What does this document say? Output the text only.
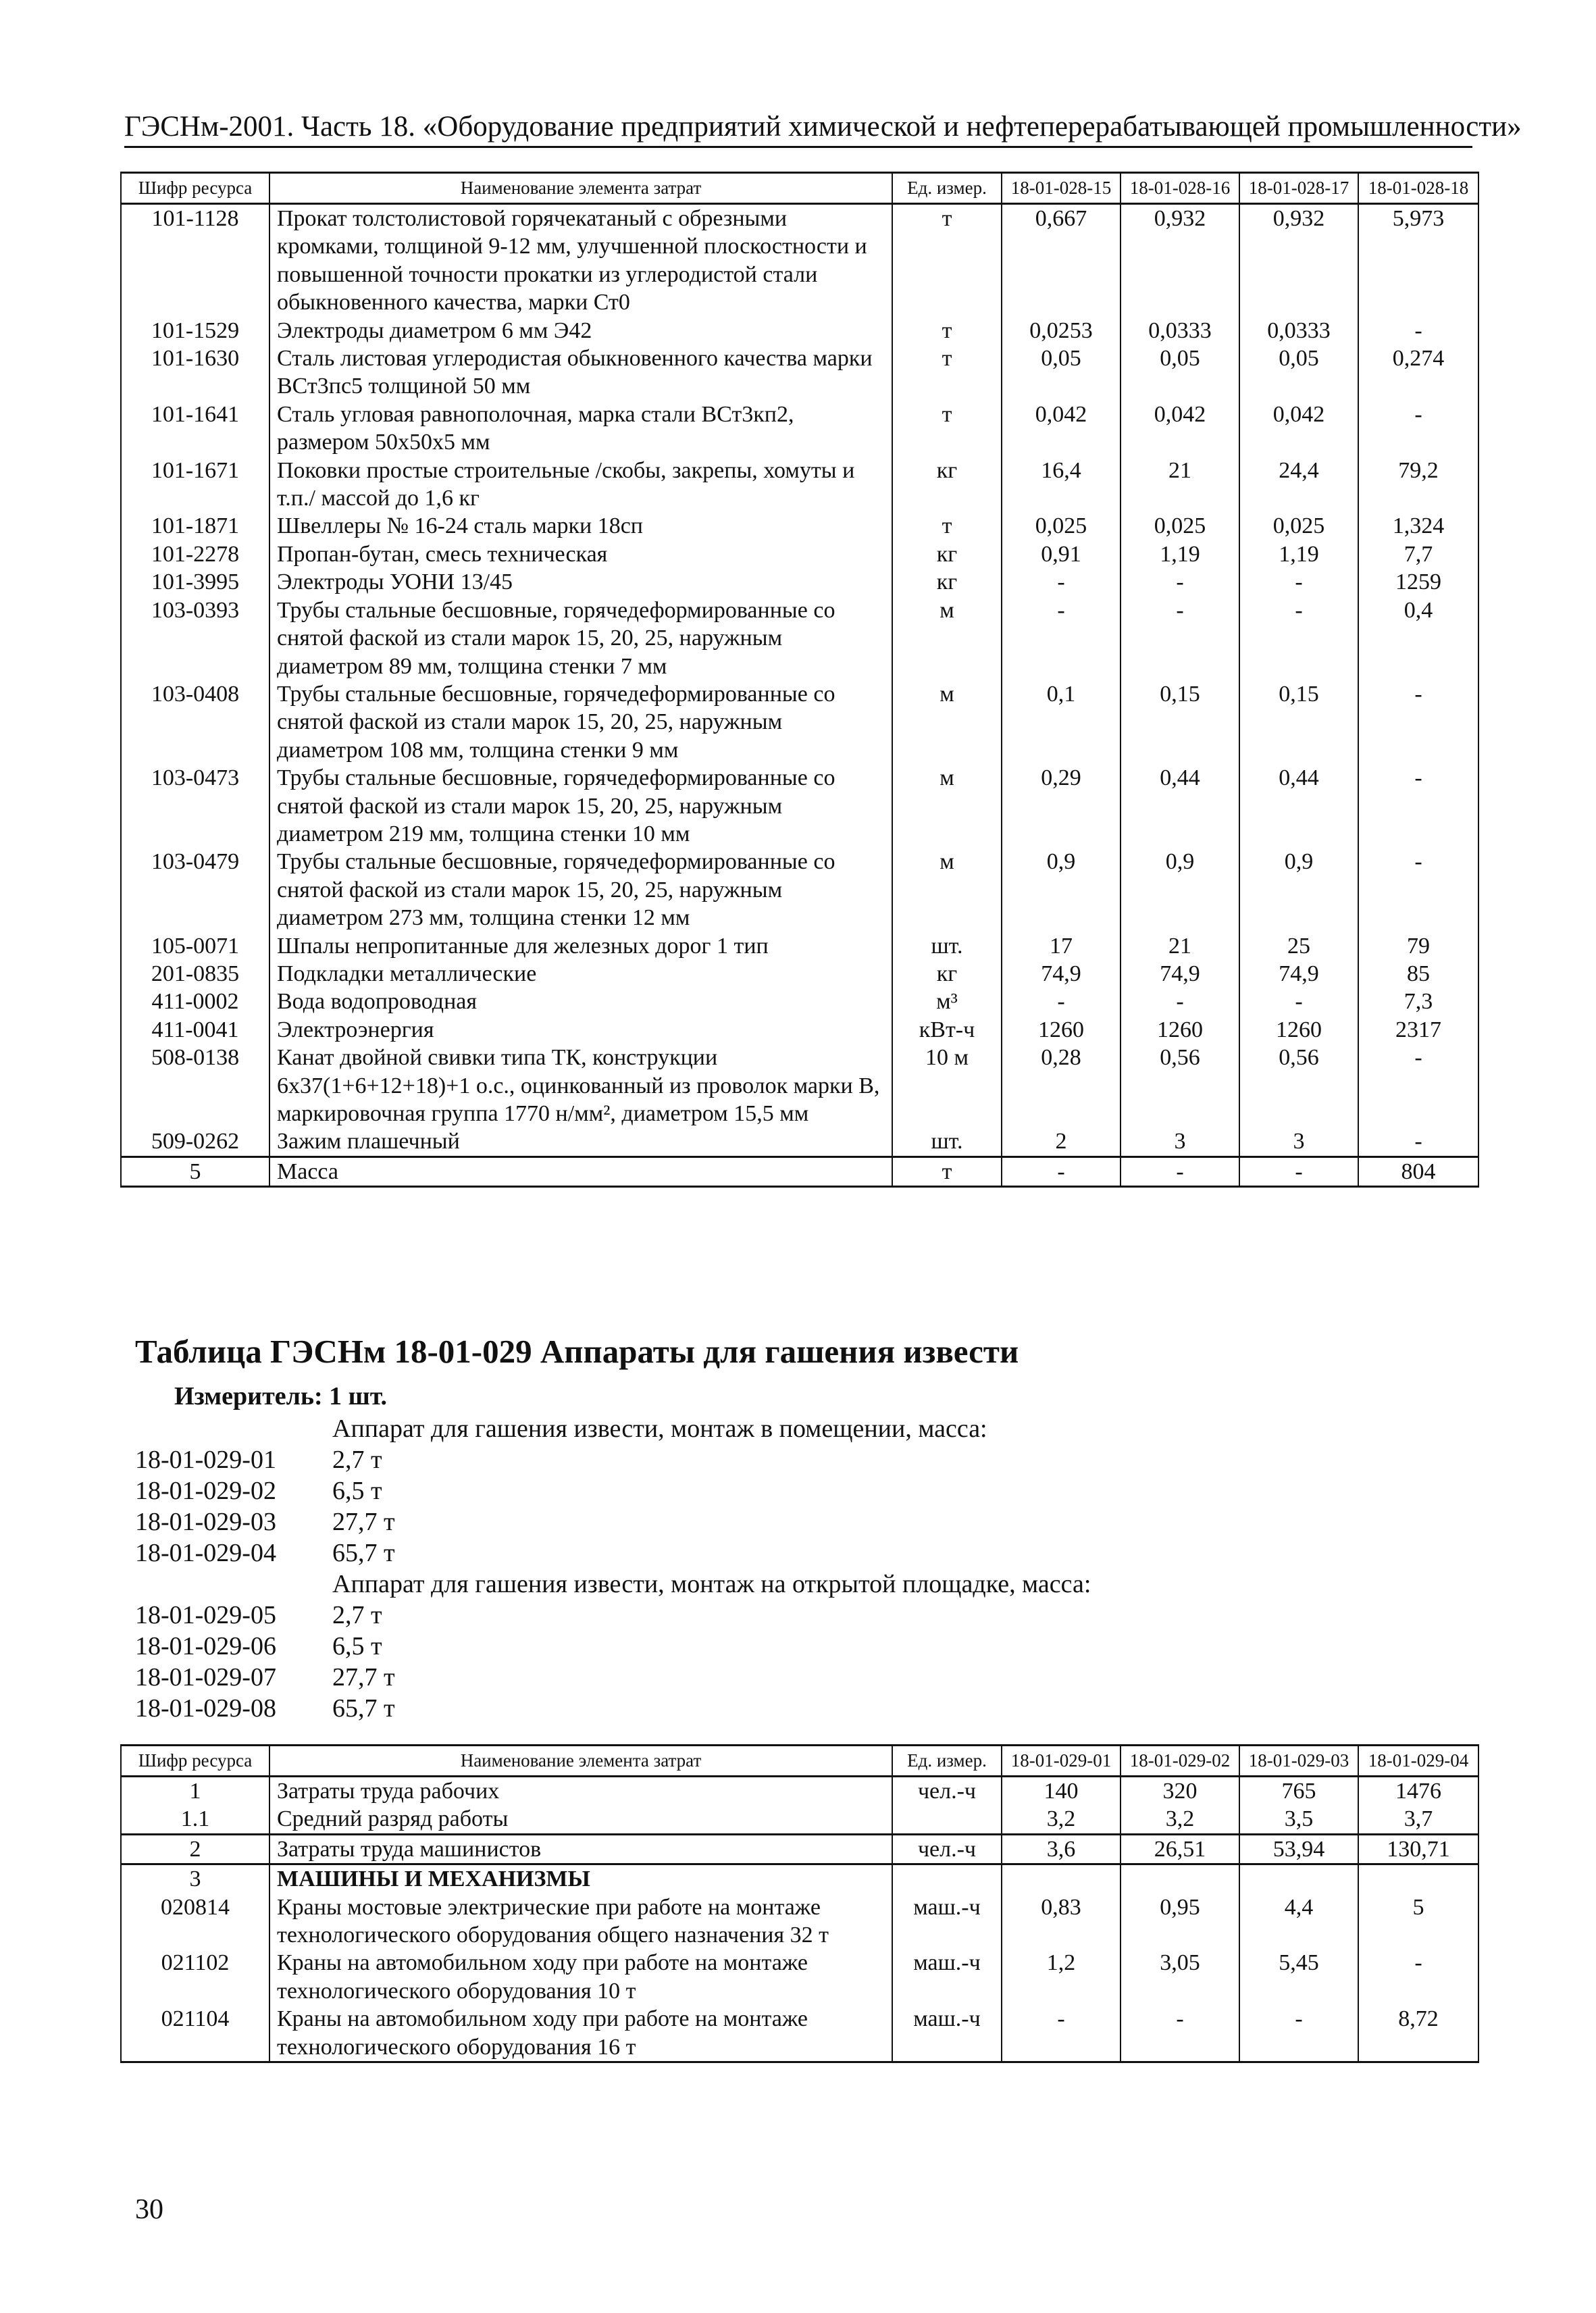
ГЭСНм-2001. Часть 18. «Оборудование предприятий химической и нефтеперерабатывающей промышленности»
Шифр ресурса	Наименование элемента затрат	Ед. измер.	18-01-028-15	18-01-028-16	18-01-028-17	18-01-028-18
101-1128	Прокат толстолистовой горячекатаный с обрезными кромками, толщиной 9-12 мм, улучшенной плоскостности и повышенной точности прокатки из углеродистой стали обыкновенного качества, марки Ст0	т	0,667	0,932	0,932	5,973
101-1529	Электроды диаметром 6 мм Э42	т	0,0253	0,0333	0,0333	-
101-1630	Сталь листовая углеродистая обыкновенного качества марки ВСт3пс5 толщиной 50 мм	т	0,05	0,05	0,05	0,274
101-1641	Сталь угловая равнополочная, марка стали ВСт3кп2, размером 50х50х5 мм	т	0,042	0,042	0,042	-
101-1671	Поковки простые строительные /скобы, закрепы, хомуты и т.п./ массой до 1,6 кг	кг	16,4	21	24,4	79,2
101-1871	Швеллеры № 16-24 сталь марки 18сп	т	0,025	0,025	0,025	1,324
101-2278	Пропан-бутан, смесь техническая	кг	0,91	1,19	1,19	7,7
101-3995	Электроды УОНИ 13/45	кг	-	-	-	1259
103-0393	Трубы стальные бесшовные, горячедеформированные со снятой фаской из стали марок 15, 20, 25, наружным диаметром 89 мм, толщина стенки 7 мм	м	-	-	-	0,4
103-0408	Трубы стальные бесшовные, горячедеформированные со снятой фаской из стали марок 15, 20, 25, наружным диаметром 108 мм, толщина стенки 9 мм	м	0,1	0,15	0,15	-
103-0473	Трубы стальные бесшовные, горячедеформированные со снятой фаской из стали марок 15, 20, 25, наружным диаметром 219 мм, толщина стенки 10 мм	м	0,29	0,44	0,44	-
103-0479	Трубы стальные бесшовные, горячедеформированные со снятой фаской из стали марок 15, 20, 25, наружным диаметром 273 мм, толщина стенки 12 мм	м	0,9	0,9	0,9	-
105-0071	Шпалы непропитанные для железных дорог 1 тип	шт.	17	21	25	79
201-0835	Подкладки металлические	кг	74,9	74,9	74,9	85
411-0002	Вода водопроводная	м³	-	-	-	7,3
411-0041	Электроэнергия	кВт-ч	1260	1260	1260	2317
508-0138	Канат двойной свивки типа ТК, конструкции 6х37(1+6+12+18)+1 о.с., оцинкованный из проволок марки В, маркировочная группа 1770 н/мм², диаметром 15,5 мм	10 м	0,28	0,56	0,56	-
509-0262	Зажим плашечный	шт.	2	3	3	-
5	Масса	т	-	-	-	804
Таблица ГЭСНм 18-01-029 Аппараты для гашения извести
Измеритель: 1 шт.
Аппарат для гашения извести, монтаж в помещении, масса:
18-01-029-01	2,7 т
18-01-029-02	6,5 т
18-01-029-03	27,7 т
18-01-029-04	65,7 т
Аппарат для гашения извести, монтаж на открытой площадке, масса:
18-01-029-05	2,7 т
18-01-029-06	6,5 т
18-01-029-07	27,7 т
18-01-029-08	65,7 т
Шифр ресурса	Наименование элемента затрат	Ед. измер.	18-01-029-01	18-01-029-02	18-01-029-03	18-01-029-04
1	Затраты труда рабочих	чел.-ч	140	320	765	1476
1.1	Средний разряд работы		3,2	3,2	3,5	3,7
2	Затраты труда машинистов	чел.-ч	3,6	26,51	53,94	130,71
3	МАШИНЫ И МЕХАНИЗМЫ					
020814	Краны мостовые электрические при работе на монтаже технологического оборудования общего назначения 32 т	маш.-ч	0,83	0,95	4,4	5
021102	Краны на автомобильном ходу при работе на монтаже технологического оборудования 10 т	маш.-ч	1,2	3,05	5,45	-
021104	Краны на автомобильном ходу при работе на монтаже технологического оборудования 16 т	маш.-ч	-	-	-	8,72
30
